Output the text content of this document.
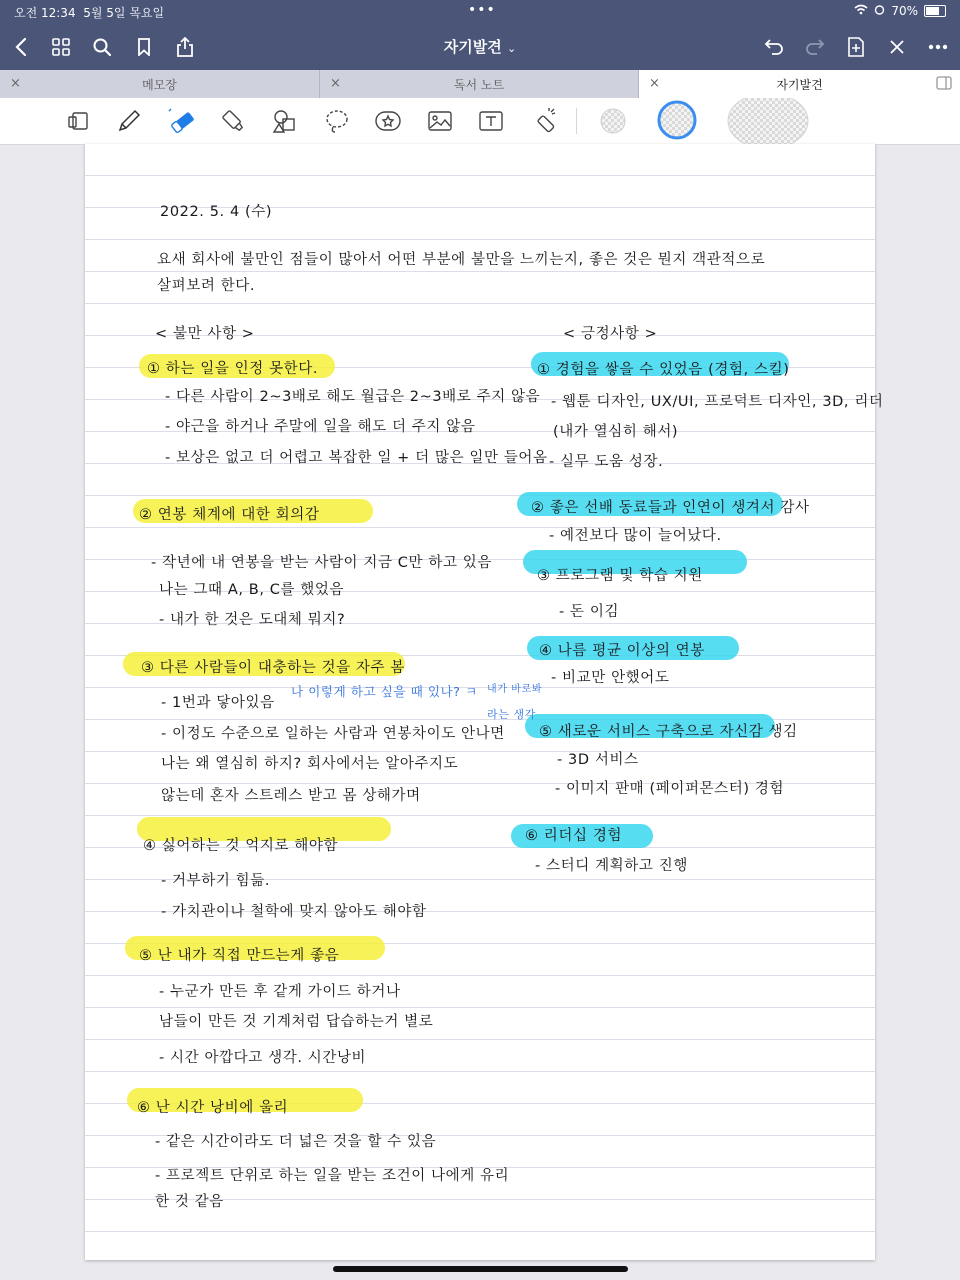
오전 12:34 5월 5일 목요일	•••	70%
자기발견 ⌄
×	메모장	×	독서 노트	×	자기발견
2022. 5. 4 (수)
요새 회사에 불만인 점들이 많아서 어떤 부분에 불만을 느끼는지, 좋은 것은 뭔지 객관적으로
살펴보려 한다.
< 불만 사항 >	< 긍정사항 >
① 하는 일을 인정 못한다.
- 다른 사람이 2~3배로 해도 월급은 2~3배로 주지 않음
- 야근을 하거나 주말에 일을 해도 더 주지 않음
- 보상은 없고 더 어렵고 복잡한 일 + 더 많은 일만 들어옴
② 연봉 체계에 대한 회의감
- 작년에 내 연봉을 받는 사람이 지금 C만 하고 있음
나는 그때 A, B, C를 했었음
- 내가 한 것은 도대체 뭐지?
③ 다른 사람들이 대충하는 것을 자주 봄
- 1번과 닿아있음
- 이정도 수준으로 일하는 사람과 연봉차이도 안나면
나는 왜 열심히 하지? 회사에서는 알아주지도
않는데 혼자 스트레스 받고 몸 상해가며
나 이렇게 하고 싶을 때 있나? ㅋ 내가 바로봐
라는 생각
④ 싫어하는 것 억지로 해야함
- 거부하기 힘듦.
- 가치관이나 철학에 맞지 않아도 해야함
⑤ 난 내가 직접 만드는게 좋음
- 누군가 만든 후 같게 가이드 하거나
남들이 만든 것 기계처럼 답습하는거 별로
- 시간 아깝다고 생각. 시간낭비
⑥ 난 시간 낭비에 울리
- 같은 시간이라도 더 넓은 것을 할 수 있음
- 프로젝트 단위로 하는 일을 받는 조건이 나에게 유리
한 것 같음
① 경험을 쌓을 수 있었음 (경험, 스킬)
- 웹툰 디자인, UX/UI, 프로덕트 디자인, 3D, 리더
(내가 열심히 해서)
- 실무 도움 성장.
② 좋은 선배 동료들과 인연이 생겨서 감사
- 예전보다 많이 늘어났다.
③ 프로그램 및 학습 지원
- 돈 이김
④ 나름 평균 이상의 연봉
- 비교만 안했어도
⑤ 새로운 서비스 구축으로 자신감 생김
- 3D 서비스
- 이미지 판매 (페이퍼몬스터) 경험
⑥ 리더십 경험
- 스터디 계획하고 진행
